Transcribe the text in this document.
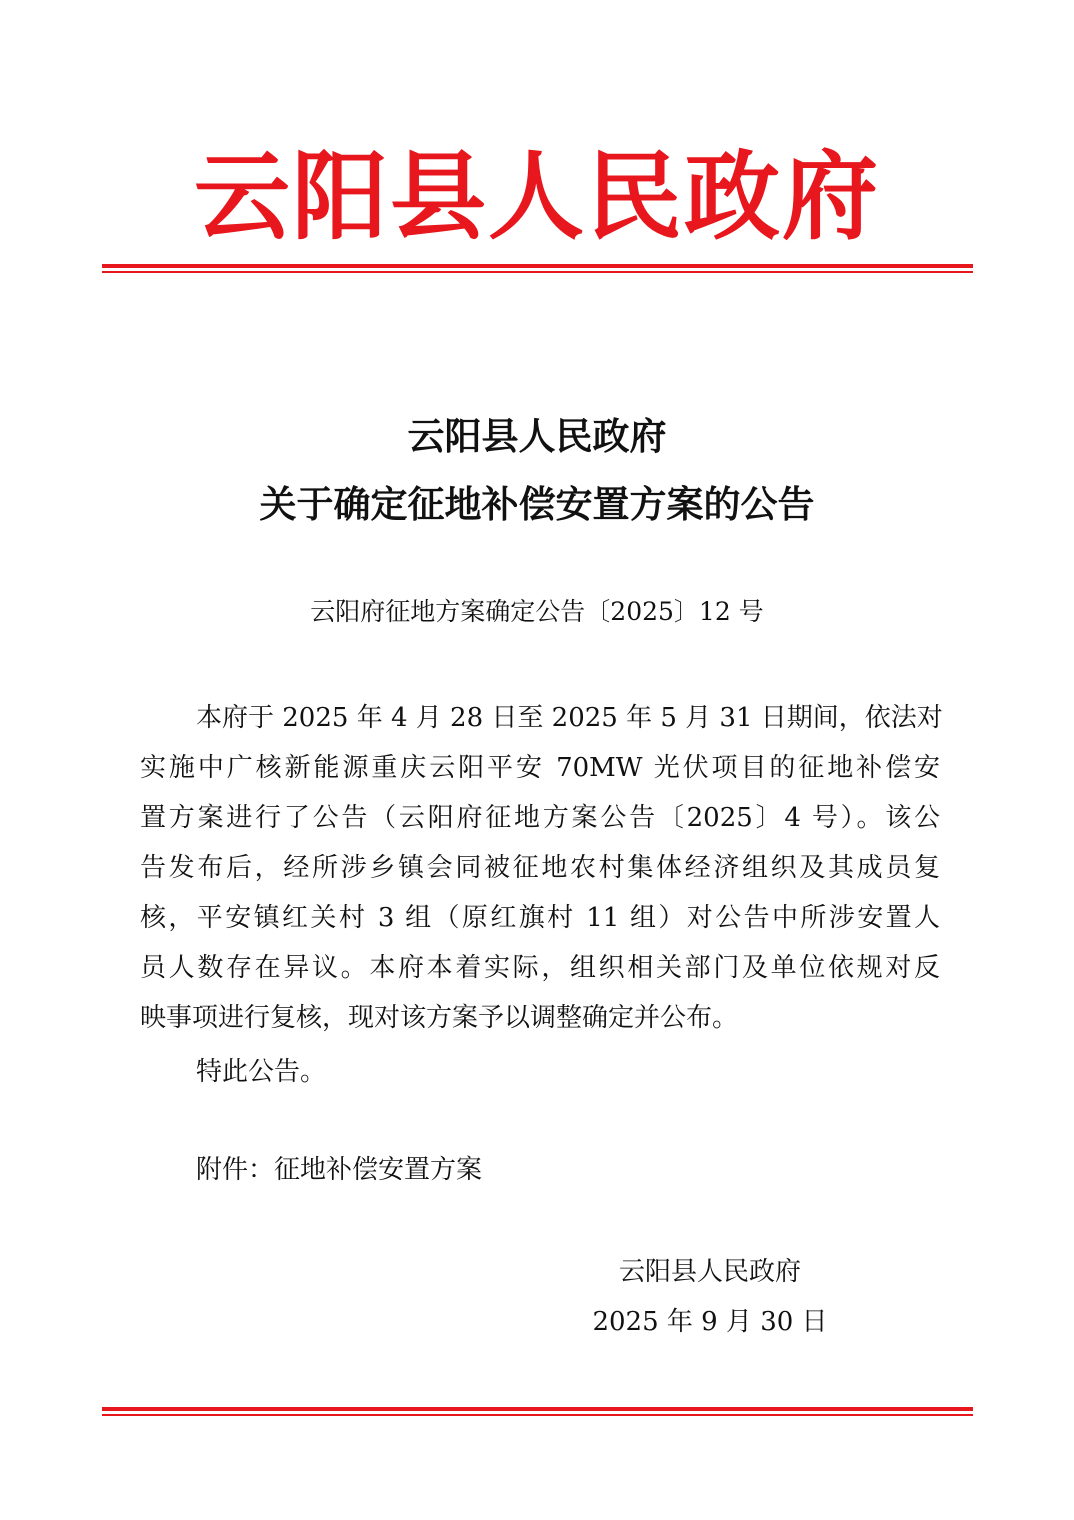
云阳县人民政府
云阳县人民政府
关于确定征地补偿安置方案的公告
云阳府征地方案确定公告〔2025〕12 号
本府于 2025 年 4 月 28 日至 2025 年 5 月 31 日期间，依法对
实施中广核新能源重庆云阳平安 70MW 光伏项目的征地补偿安
置方案进行了公告（云阳府征地方案公告〔2025〕4 号）。该公
告发布后，经所涉乡镇会同被征地农村集体经济组织及其成员复
核，平安镇红关村 3 组（原红旗村 11 组）对公告中所涉安置人
员人数存在异议。本府本着实际，组织相关部门及单位依规对反
映事项进行复核，现对该方案予以调整确定并公布。
特此公告。
附件：征地补偿安置方案
云阳县人民政府
2025 年 9 月 30 日
